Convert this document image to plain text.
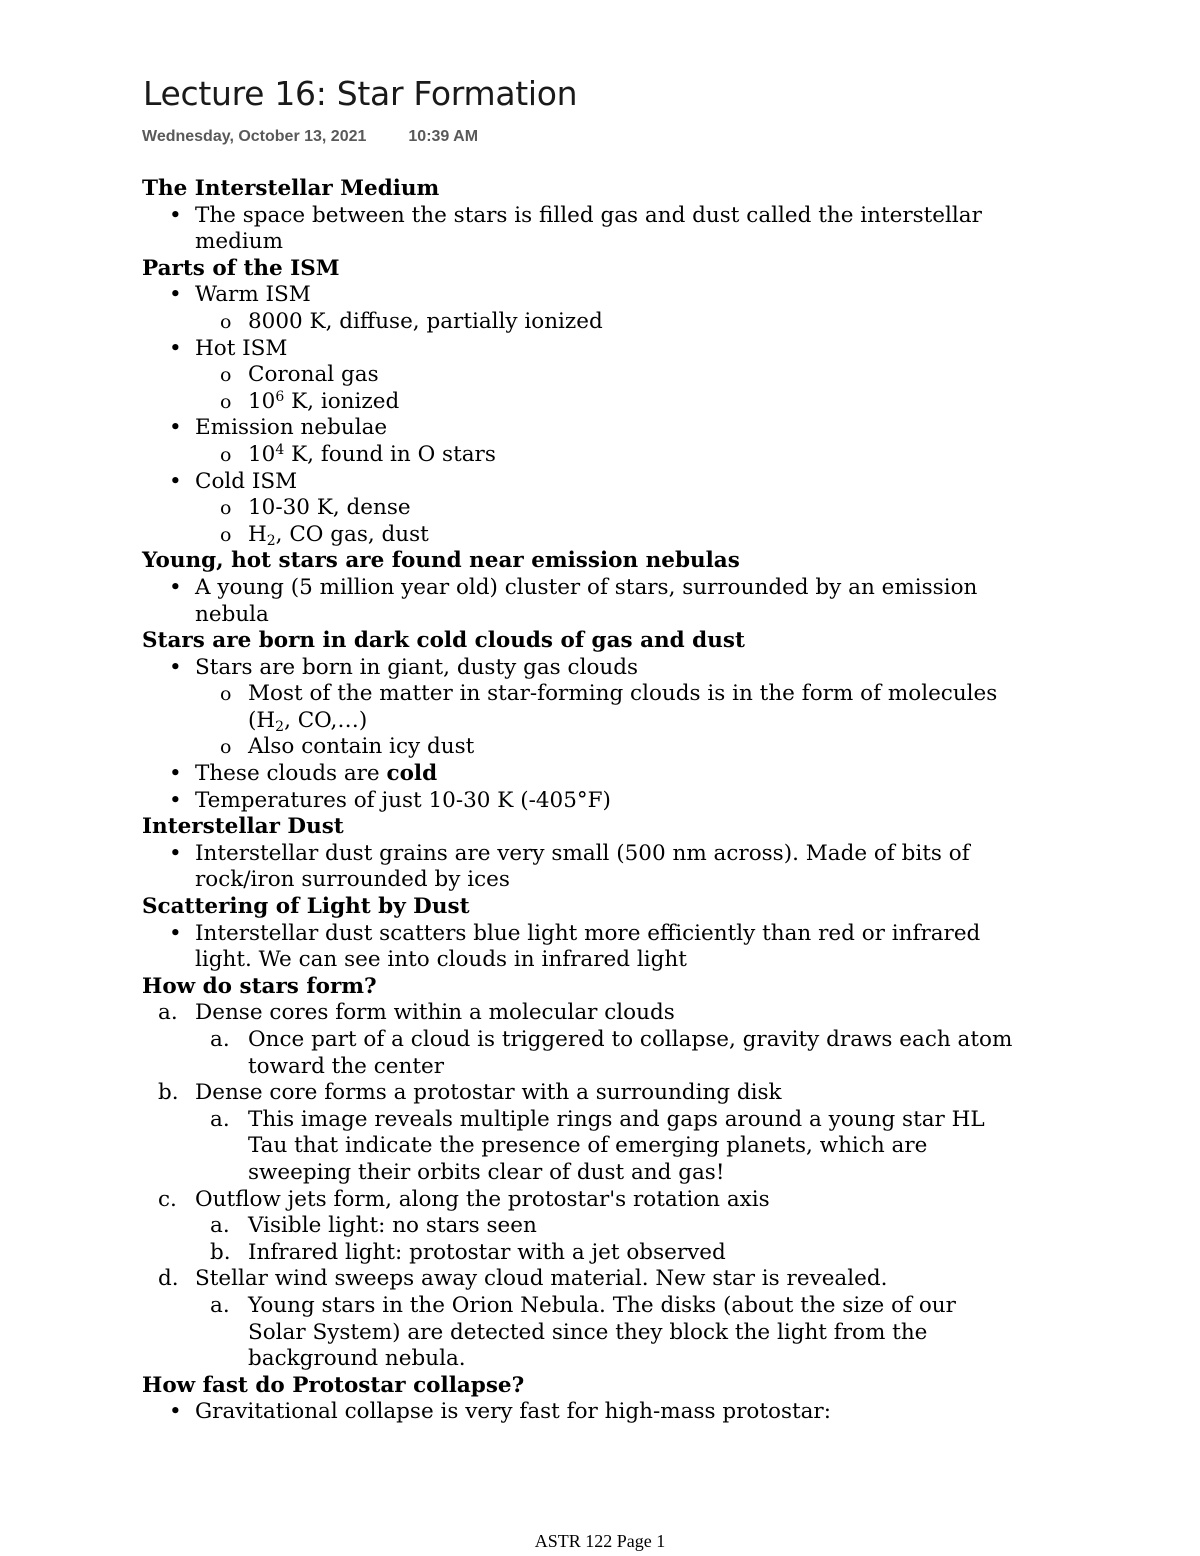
Lecture 16: Star Formation
Wednesday, October 13, 2021	10:39 AM

The Interstellar Medium

• The space between the stars is filled gas and dust called the interstellar

medium

Parts of the ISM

• Warm ISM

o 8000 K, diffuse, partially ionized

• Hot ISM

o Coronal gas

o $10^6$ K, ionized

• Emission nebulae

o $10^4$ K, found in O stars

• Cold ISM

o 10-30 K, dense

o $H_2$, CO gas, dust

Young, hot stars are found near emission nebulas

• A young (5 million year old) cluster of stars, surrounded by an emission

nebula

Stars are born in dark cold clouds of gas and dust

• Stars are born in giant, dusty gas clouds

o Most of the matter in star-forming clouds is in the form of molecules

($H_2$, CO,…)

o Also contain icy dust

• These clouds are cold

• Temperatures of just 10-30 K (-405°F)

Interstellar Dust

• Interstellar dust grains are very small (500 nm across). Made of bits of

rock/iron surrounded by ices

Scattering of Light by Dust

• Interstellar dust scatters blue light more efficiently than red or infrared

light. We can see into clouds in infrared light

How do stars form?

a. Dense cores form within a molecular clouds

a. Once part of a cloud is triggered to collapse, gravity draws each atom

toward the center

b. Dense core forms a protostar with a surrounding disk

a. This image reveals multiple rings and gaps around a young star HL

Tau that indicate the presence of emerging planets, which are

sweeping their orbits clear of dust and gas!

c. Outflow jets form, along the protostar's rotation axis

a. Visible light: no stars seen

b. Infrared light: protostar with a jet observed

d. Stellar wind sweeps away cloud material. New star is revealed.

a. Young stars in the Orion Nebula. The disks (about the size of our

Solar System) are detected since they block the light from the

background nebula.

How fast do Protostar collapse?

• Gravitational collapse is very fast for high-mass protostar:

ASTR 122 Page 1
